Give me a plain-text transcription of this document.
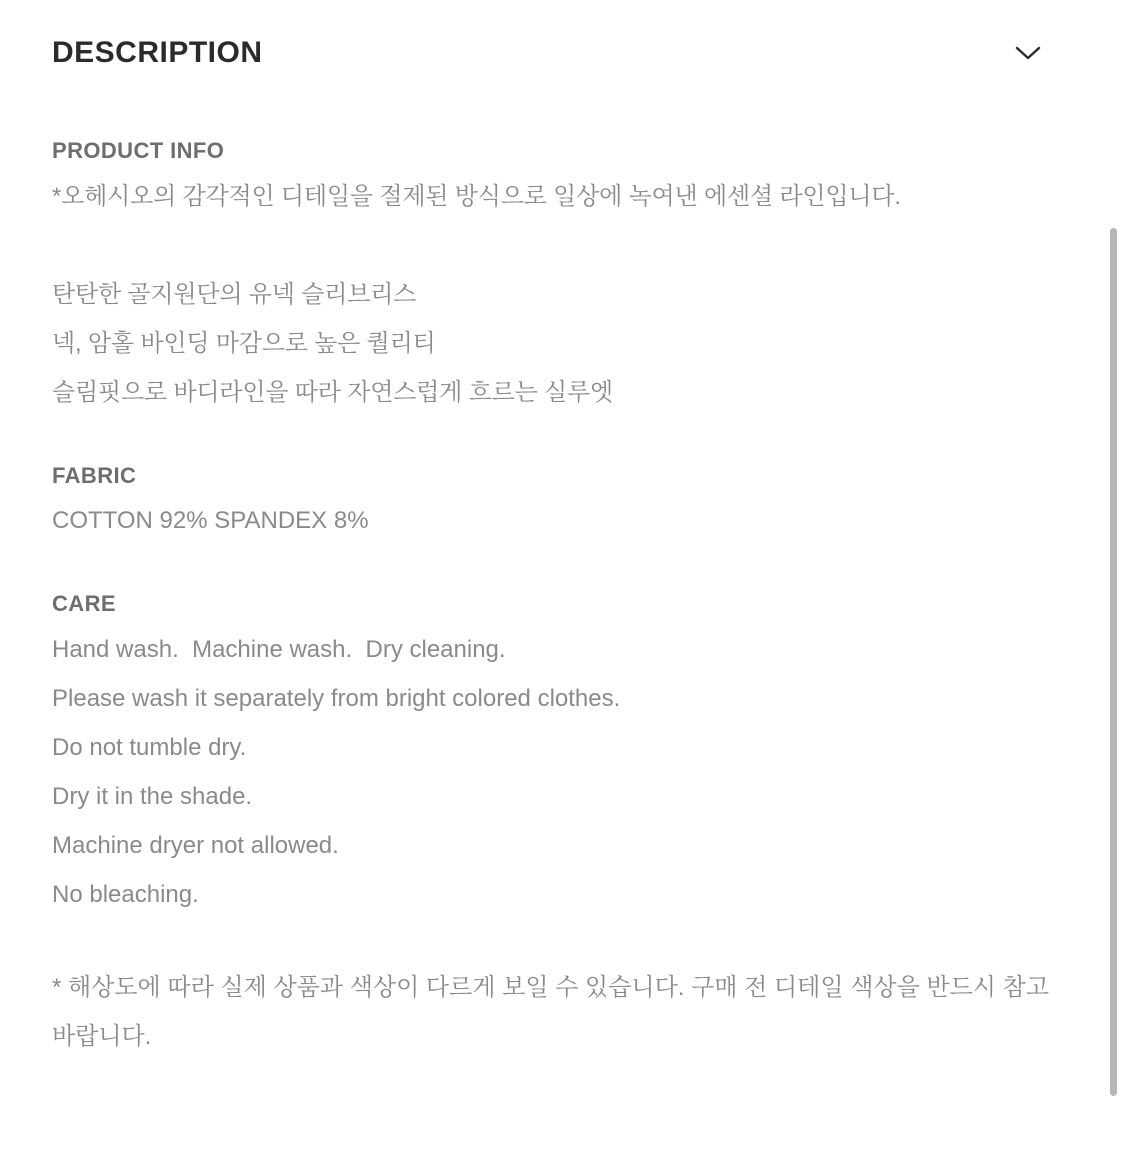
DESCRIPTION
PRODUCT INFO
*오헤시오의 감각적인 디테일을 절제된 방식으로 일상에 녹여낸 에센셜 라인입니다.
탄탄한 골지원단의 유넥 슬리브리스
넥, 암홀 바인딩 마감으로 높은 퀄리티
슬림핏으로 바디라인을 따라 자연스럽게 흐르는 실루엣
FABRIC
COTTON 92% SPANDEX 8%
CARE
Hand wash.  Machine wash.  Dry cleaning.
Please wash it separately from bright colored clothes.
Do not tumble dry.
Dry it in the shade.
Machine dryer not allowed.
No bleaching.
* 해상도에 따라 실제 상품과 색상이 다르게 보일 수 있습니다. 구매 전 디테일 색상을 반드시 참고 바랍니다.
